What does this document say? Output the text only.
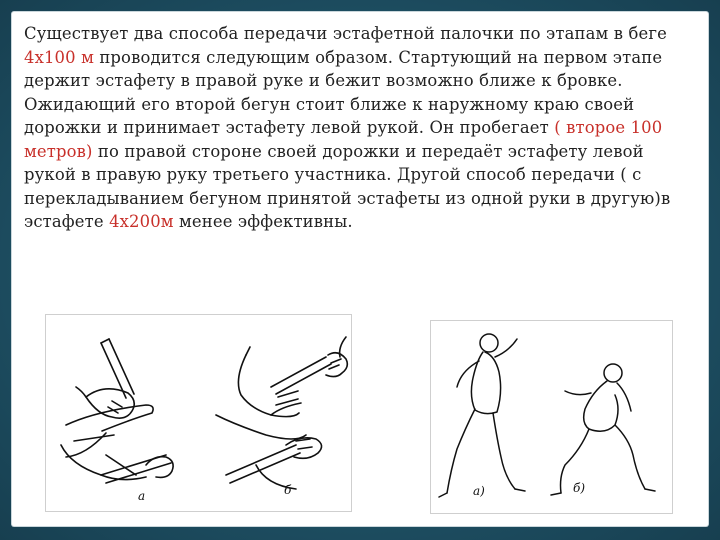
Существует два способа передачи эстафетной палочки по этапам в беге 4х100 м проводится следующим образом. Стартующий на первом этапе держит эстафету в правой руке и бежит возможно ближе к бровке. Ожидающий его второй бегун стоит ближе к наружному краю своей дорожки и принимает эстафету левой рукой. Он пробегает ( второе 100 метров) по правой стороне своей дорожки и передаёт эстафету левой рукой в правую руку третьего участника. Другой способ передачи ( с перекладыванием бегуном принятой эстафеты из одной руки в другую)в эстафете 4х200м менее эффективны.

а	б	а)	б)
